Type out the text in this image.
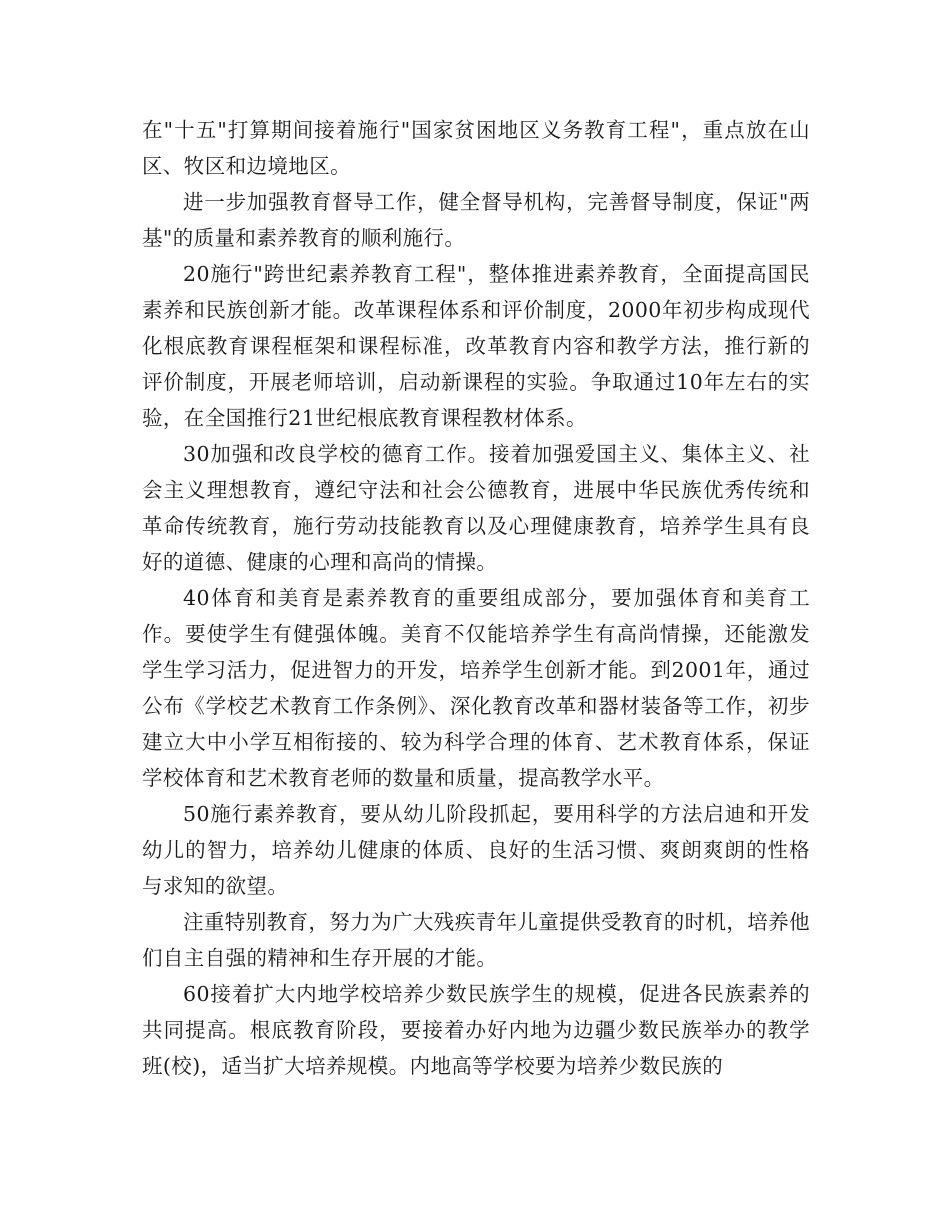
在"十五"打算期间接着施行"国家贫困地区义务教育工程"，重点放在山区、牧区和边境地区。

进一步加强教育督导工作，健全督导机构，完善督导制度，保证"两基"的质量和素养教育的顺利施行。

20施行"跨世纪素养教育工程"，整体推进素养教育，全面提高国民素养和民族创新才能。改革课程体系和评价制度，2000年初步构成现代化根底教育课程框架和课程标准，改革教育内容和教学方法，推行新的评价制度，开展老师培训，启动新课程的实验。争取通过10年左右的实验，在全国推行21世纪根底教育课程教材体系。

30加强和改良学校的德育工作。接着加强爱国主义、集体主义、社会主义理想教育，遵纪守法和社会公德教育，进展中华民族优秀传统和革命传统教育，施行劳动技能教育以及心理健康教育，培养学生具有良好的道德、健康的心理和高尚的情操。

40体育和美育是素养教育的重要组成部分，要加强体育和美育工作。要使学生有健强体魄。美育不仅能培养学生有高尚情操，还能激发学生学习活力，促进智力的开发，培养学生创新才能。到2001年，通过公布《学校艺术教育工作条例》、深化教育改革和器材装备等工作，初步建立大中小学互相衔接的、较为科学合理的体育、艺术教育体系，保证学校体育和艺术教育老师的数量和质量，提高教学水平。

50施行素养教育，要从幼儿阶段抓起，要用科学的方法启迪和开发幼儿的智力，培养幼儿健康的体质、良好的生活习惯、爽朗爽朗的性格与求知的欲望。

注重特别教育，努力为广大残疾青年儿童提供受教育的时机，培养他们自主自强的精神和生存开展的才能。

60接着扩大内地学校培养少数民族学生的规模，促进各民族素养的共同提高。根底教育阶段，要接着办好内地为边疆少数民族举办的教学班(校)，适当扩大培养规模。内地高等学校要为培养少数民族的
